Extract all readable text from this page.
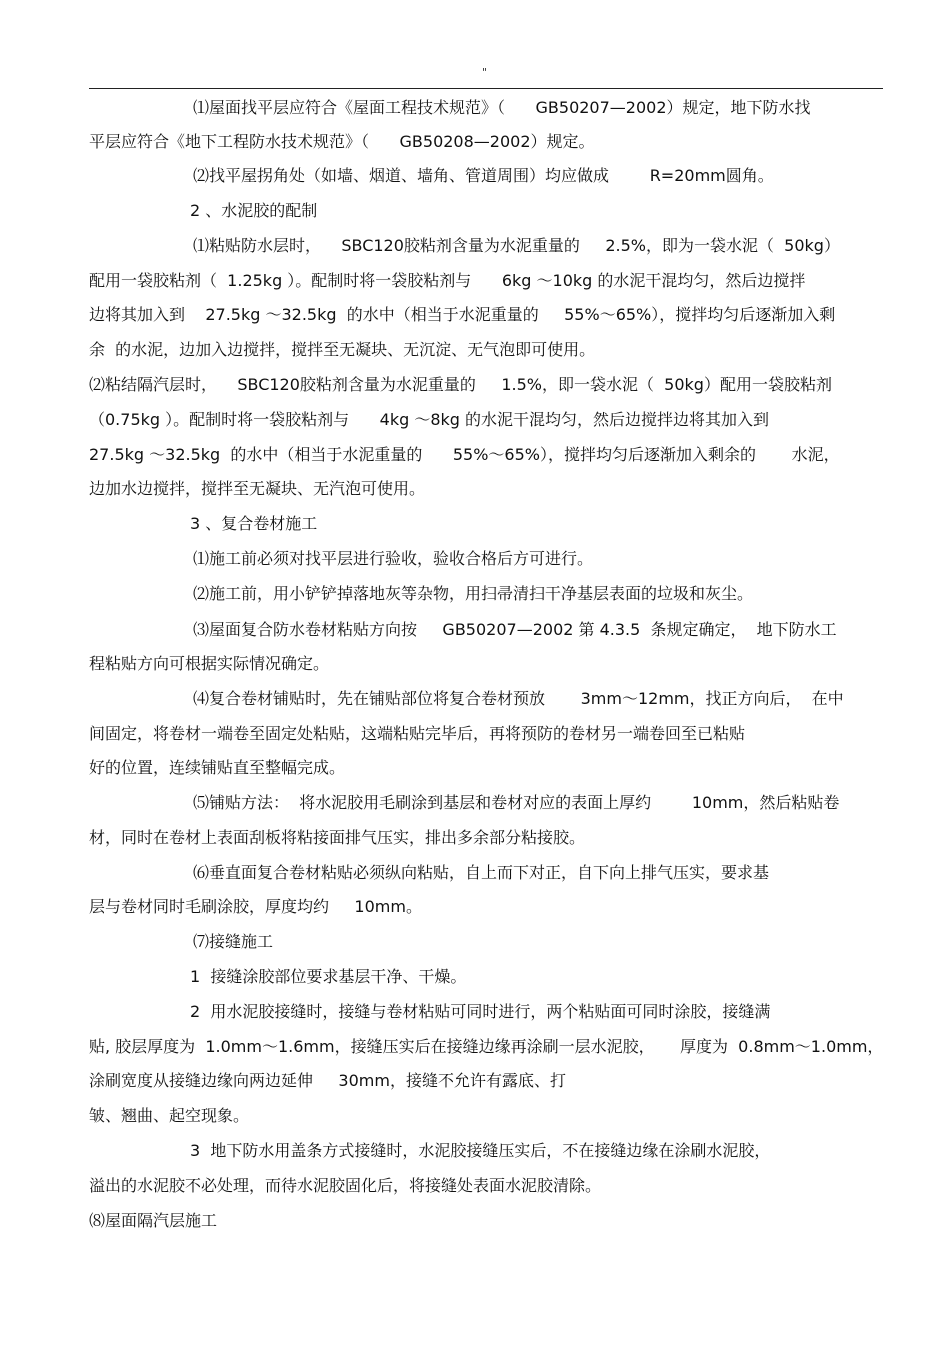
"
⑴屋面找平层应符合《屋面工程技术规范》（      GB50207—2002）规定，地下防水找
平层应符合《地下工程防水技术规范》（      GB50208—2002）规定。
⑵找平屋拐角处（如墙、烟道、墙角、管道周围）均应做成        R=20mm圆角。
2 、水泥胶的配制
⑴粘贴防水层时，    SBC120胶粘剂含量为水泥重量的     2.5%，即为一袋水泥（  50kg）
配用一袋胶粘剂（  1.25kg ）。配制时将一袋胶粘剂与      6kg ～10kg 的水泥干混均匀，然后边搅拌
边将其加入到    27.5kg ～32.5kg  的水中（相当于水泥重量的     55%～65%），搅拌均匀后逐渐加入剩
余  的水泥，边加入边搅拌，搅拌至无凝块、无沉淀、无气泡即可使用。
⑵粘结隔汽层时，    SBC120胶粘剂含量为水泥重量的     1.5%，即一袋水泥（  50kg）配用一袋胶粘剂
（0.75kg ）。配制时将一袋胶粘剂与      4kg ～8kg 的水泥干混均匀，然后边搅拌边将其加入到
27.5kg ～32.5kg  的水中（相当于水泥重量的      55%～65%），搅拌均匀后逐渐加入剩余的       水泥，
边加水边搅拌，搅拌至无凝块、无汽泡可使用。
3 、复合卷材施工
⑴施工前必须对找平层进行验收，验收合格后方可进行。
⑵施工前，用小铲铲掉落地灰等杂物，用扫帚清扫干净基层表面的垃圾和灰尘。
⑶屋面复合防水卷材粘贴方向按     GB50207—2002 第 4.3.5  条规定确定，  地下防水工
程粘贴方向可根据实际情况确定。
⑷复合卷材铺贴时，先在铺贴部位将复合卷材预放       3mm～12mm，找正方向后，  在中
间固定，将卷材一端卷至固定处粘贴，这端粘贴完毕后，再将预防的卷材另一端卷回至已粘贴
好的位置，连续铺贴直至整幅完成。
⑸铺贴方法：  将水泥胶用毛刷涂到基层和卷材对应的表面上厚约        10mm，然后粘贴卷
材，同时在卷材上表面刮板将粘接面排气压实，排出多余部分粘接胶。
⑹垂直面复合卷材粘贴必须纵向粘贴，自上而下对正，自下向上排气压实，要求基
层与卷材同时毛刷涂胶，厚度均约     10mm。
⑺接缝施工
1  接缝涂胶部位要求基层干净、干燥。
2  用水泥胶接缝时，接缝与卷材粘贴可同时进行，两个粘贴面可同时涂胶，接缝满
贴, 胶层厚度为  1.0mm～1.6mm，接缝压实后在接缝边缘再涂刷一层水泥胶，     厚度为  0.8mm～1.0mm，
涂刷宽度从接缝边缘向两边延伸     30mm，接缝不允许有露底、打
皱、翘曲、起空现象。
3  地下防水用盖条方式接缝时，水泥胶接缝压实后，不在接缝边缘在涂刷水泥胶，
溢出的水泥胶不必处理，而待水泥胶固化后，将接缝处表面水泥胶清除。
⑻屋面隔汽层施工
